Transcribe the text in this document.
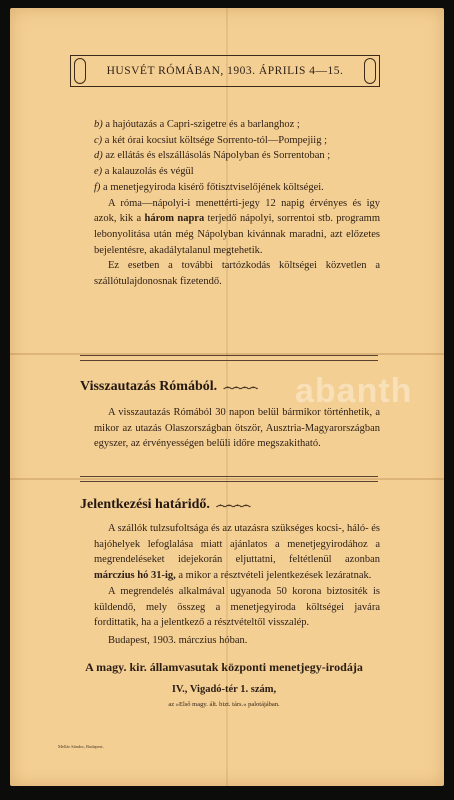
HUSVÉT RÓMÁBAN, 1903. ÁPRILIS 4—15.

b) a hajóutazás a Capri-szigetre és a barlanghoz ;

c) a két órai kocsiut költsége Sorrento-tól—Pompejiig ;

d) az ellátás és elszállásolás Nápolyban és Sorrentoban ;

e) a kalauzolás és végül

f) a menetjegyiroda kisérő főtisztviselőjének költségei.

A róma—nápolyi-i menettérti-jegy 12 napig érvényes és igy azok, kik a három napra terjedő nápolyi, sorrentoi stb. programm lebonyolitása után még Nápolyban kivánnak maradni, azt előzetes bejelentésre, akadálytalanul megtehetik.

Ez esetben a további tartózkodás költségei közvetlen a szállótulajdonosnak fizetendő.

Visszautazás Rómából. ෴෴෴෴

A visszautazás Rómából 30 napon belül bármikor történhetik, a mikor az utazás Olaszországban ötször, Ausztria-Magyarországban egyszer, az érvényességen belüli időre megszakitható.

Jelentkezési határidő. ෴෴෴෴

A szállók tulzsufoltsága és az utazásra szükséges kocsi-, háló- és hajóhelyek lefoglalása miatt ajánlatos a menetjegyirodához a megrendeléseket idejekorán eljuttatni, feltétlenül azonban márczius hó 31-ig, a mikor a résztvételi jelentkezések lezáratnak.

A megrendelés alkalmával ugyanoda 50 korona biztositék is küldendő, mely összeg a menetjegyiroda költségei javára fordittatik, ha a jelentkező a résztvételtől visszalép.

Budapest, 1903. márczius hóban.

A magy. kir. államvasutak központi menetjegy-irodája
IV., Vigadó-tér 1. szám,
az »Első magy. ált. bizt. társ.« palotájában.
Mellár Sándor, Budapest.
abanth
